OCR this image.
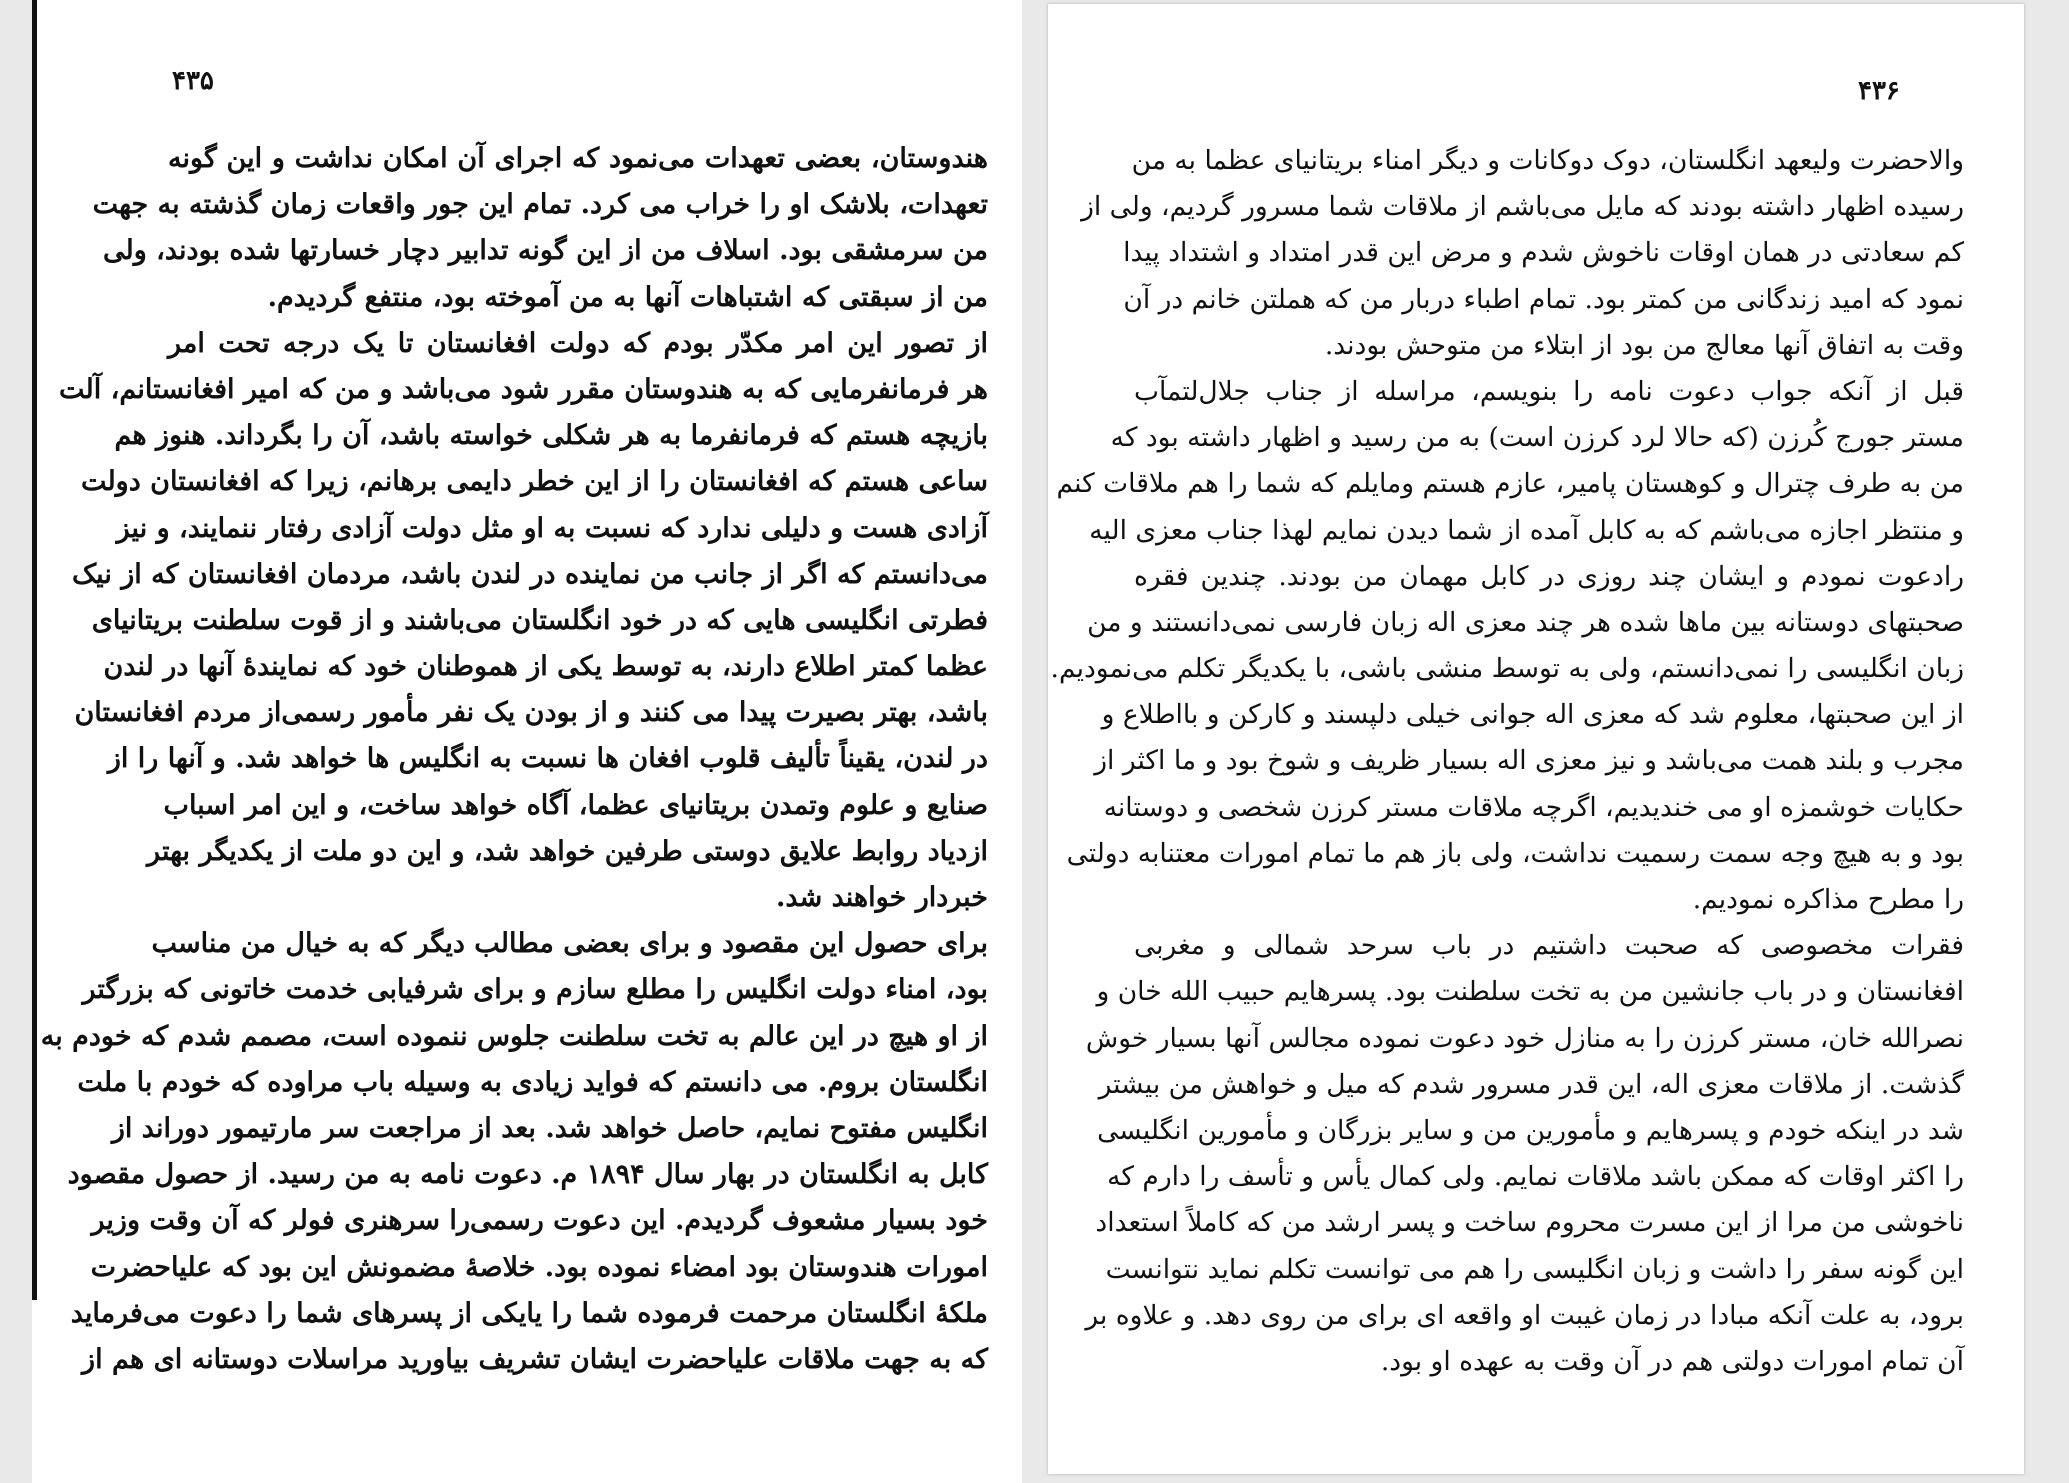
۴۳۵
هندوستان، بعضی تعهدات می‌نمود که اجرای آن امکان نداشت و این گونه
تعهدات، بلاشک او را خراب می کرد. تمام این جور واقعات زمان گذشته به جهت
من سرمشقی بود. اسلاف من از این گونه تدابیر دچار خسارتها شده بودند، ولی
من از سبقتی که اشتباهات آنها به من آموخته بود، منتفع گردیدم.
از تصور این امر مکدّر بودم که دولت افغانستان تا یک درجه تحت امر
هر فرمانفرمایی که به هندوستان مقرر شود می‌باشد و من که امیر افغانستانم، آلت
بازیچه هستم که فرمانفرما به هر شکلی خواسته باشد، آن را بگرداند. هنوز هم
ساعی هستم که افغانستان را از این خطر دایمی برهانم، زیرا که افغانستان دولت
آزادی هست و دلیلی ندارد که نسبت به او مثل دولت آزادی رفتار ننمایند، و نیز
می‌دانستم که اگر از جانب من نماینده در لندن باشد، مردمان افغانستان که از نیک
فطرتی انگلیسی هایی که در خود انگلستان می‌باشند و از قوت سلطنت بریتانیای
عظما کمتر اطلاع دارند، به توسط یکی از هموطنان خود که نمایندهٔ آنها در لندن
باشد، بهتر بصیرت پیدا می کنند و از بودن یک نفر مأمور رسمی‌از مردم افغانستان
در لندن، یقیناً تألیف قلوب افغان ها نسبت به انگلیس ها خواهد شد. و آنها را از
صنایع و علوم وتمدن بریتانیای عظما، آگاه خواهد ساخت، و این امر اسباب
ازدیاد روابط علایق دوستی طرفین خواهد شد، و این دو ملت از یکدیگر بهتر
خبردار خواهند شد.
برای حصول این مقصود و برای بعضی مطالب دیگر که به خیال من مناسب
بود، امناء دولت انگلیس را مطلع سازم و برای شرفیابی خدمت خاتونی که بزرگتر
از او هیچ در این عالم به تخت سلطنت جلوس ننموده است، مصمم شدم که خودم به
انگلستان بروم. می دانستم که فواید زیادی به وسیله باب مراوده که خودم با ملت
انگلیس مفتوح نمایم، حاصل خواهد شد. بعد از مراجعت سر مارتیمور دوراند از
کابل به انگلستان در بهار سال ۱۸۹۴ م. دعوت نامه به من رسید. از حصول مقصود
خود بسیار مشعوف گردیدم. این دعوت رسمی‌را سرهنری فولر که آن وقت وزیر
امورات هندوستان بود امضاء نموده بود. خلاصهٔ مضمونش این بود که علیاحضرت
ملکهٔ انگلستان مرحمت فرموده شما را یایکی از پسرهای شما را دعوت می‌فرماید
که به جهت ملاقات علیاحضرت ایشان تشریف بیاورید مراسلات دوستانه ای هم از
۴۳۶
والاحضرت ولیعهد انگلستان، دوک دوکانات و دیگر امناء بریتانیای عظما به من
رسیده اظهار داشته بودند که مایل می‌باشم از ملاقات شما مسرور گردیم، ولی از
کم سعادتی در همان اوقات ناخوش شدم و مرض این قدر امتداد و اشتداد پیدا
نمود که امید زندگانی من کمتر بود. تمام اطباء دربار من که هملتن خانم در آن
وقت به اتفاق آنها معالج من بود از ابتلاء من متوحش بودند.
قبل از آنکه جواب دعوت نامه را بنویسم، مراسله از جناب جلال‌لتمآب
مستر جورج کُرزن (که حالا لرد کرزن است) به من رسید و اظهار داشته بود که
من به طرف چترال و کوهستان پامیر، عازم هستم ومایلم که شما را هم ملاقات کنم
و منتظر اجازه می‌باشم که به کابل آمده از شما دیدن نمایم لهذا جناب معزی الیه
رادعوت نمودم و ایشان چند روزی در کابل مهمان من بودند. چندین فقره
صحبتهای دوستانه بین ماها شده هر چند معزی اله زبان فارسی نمی‌دانستند و من
زبان انگلیسی را نمی‌دانستم، ولی به توسط منشی باشی، با یکدیگر تکلم می‌نمودیم.
از این صحبتها، معلوم شد که معزی اله جوانی خیلی دلپسند و کارکن و بااطلاع و
مجرب و بلند همت می‌باشد و نیز معزی اله بسیار ظریف و شوخ بود و ما اکثر از
حکایات خوشمزه او می خندیدیم، اگرچه ملاقات مستر کرزن شخصی و دوستانه
بود و به هیچ وجه سمت رسمیت نداشت، ولی باز هم ما تمام امورات معتنابه دولتی
را مطرح مذاکره نمودیم.
فقرات مخصوصی که صحبت داشتیم در باب سرحد شمالی و مغربی
افغانستان و در باب جانشین من به تخت سلطنت بود. پسرهایم حبیب الله خان و
نصرالله خان، مستر کرزن را به منازل خود دعوت نموده مجالس آنها بسیار خوش
گذشت. از ملاقات معزی اله، این قدر مسرور شدم که میل و خواهش من بیشتر
شد در اینکه خودم و پسرهایم و مأمورین من و سایر بزرگان و مأمورین انگلیسی
را اکثر اوقات که ممکن باشد ملاقات نمایم. ولی کمال یأس و تأسف را دارم که
ناخوشی من مرا از این مسرت محروم ساخت و پسر ارشد من که کاملاً استعداد
این گونه سفر را داشت و زبان انگلیسی را هم می توانست تکلم نماید نتوانست
برود، به علت آنکه مبادا در زمان غیبت او واقعه ای برای من روی دهد. و علاوه بر
آن تمام امورات دولتی هم در آن وقت به عهده او بود.
